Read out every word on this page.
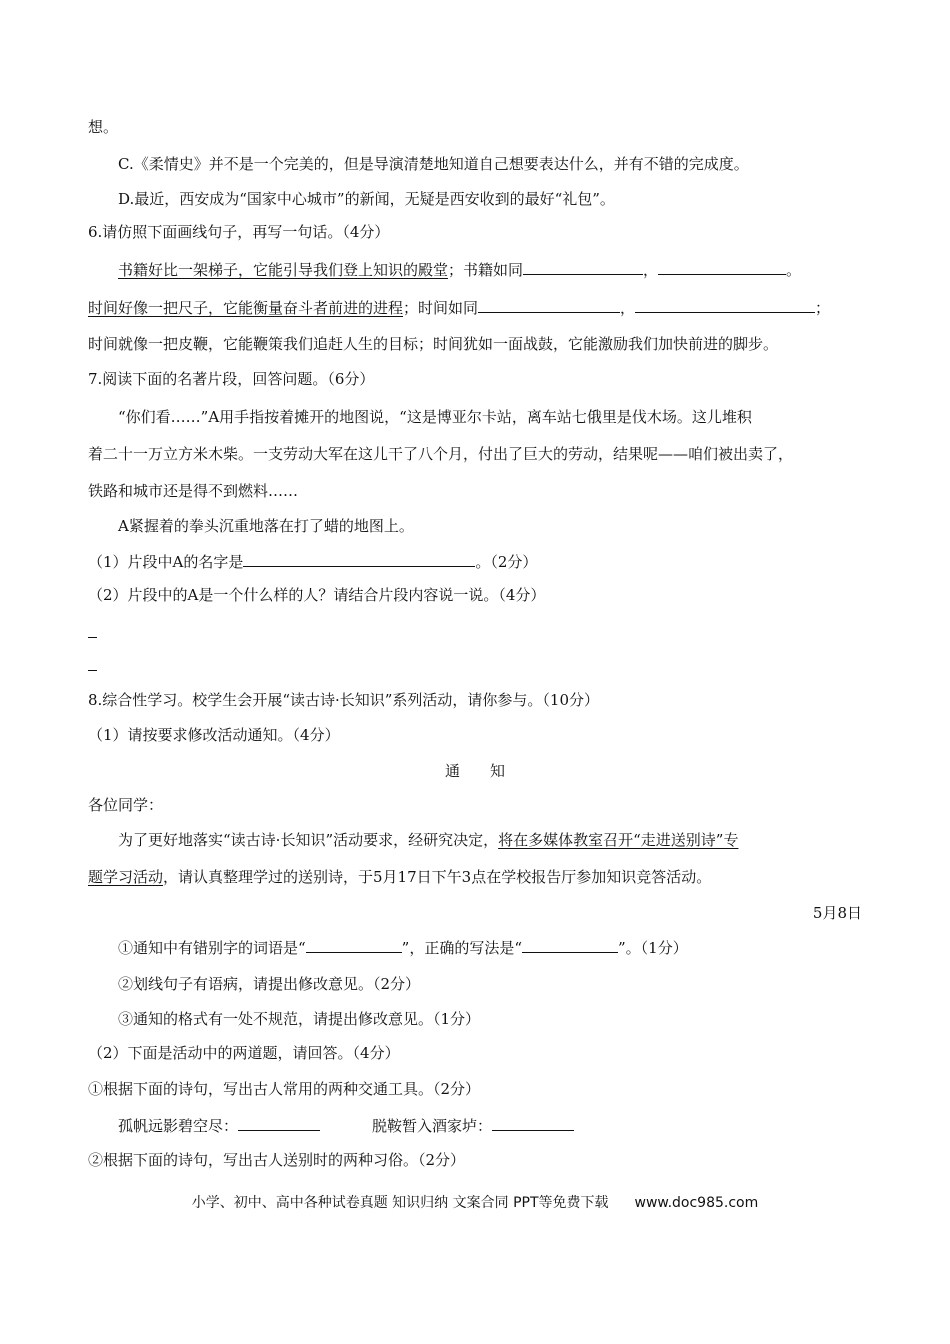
想。
C.《柔情史》并不是一个完美的，但是导演清楚地知道自己想要表达什么，并有不错的完成度。
D.最近，西安成为“国家中心城市”的新闻，无疑是西安收到的最好“礼包”。
6.请仿照下面画线句子，再写一句话。（4分）
书籍好比一架梯子，它能引导我们登上知识的殿堂；书籍如同	，	。
时间好像一把尺子，它能衡量奋斗者前进的进程；时间如同	，	；
时间就像一把皮鞭，它能鞭策我们追赶人生的目标；时间犹如一面战鼓，它能激励我们加快前进的脚步。
7.阅读下面的名著片段，回答问题。（6分）
“你们看……”A用手指按着摊开的地图说，“这是博亚尔卡站，离车站七俄里是伐木场。这儿堆积
着二十一万立方米木柴。一支劳动大军在这儿干了八个月，付出了巨大的劳动，结果呢——咱们被出卖了，
铁路和城市还是得不到燃料……
A紧握着的拳头沉重地落在打了蜡的地图上。
（1）片段中A的名字是	。（2分）
（2）片段中的A是一个什么样的人？请结合片段内容说一说。（4分）
8.综合性学习。校学生会开展“读古诗·长知识”系列活动，请你参与。（10分）
（1）请按要求修改活动通知。（4分）
通　　知
各位同学：
为了更好地落实“读古诗·长知识”活动要求，经研究决定，将在多媒体教室召开“走进送别诗”专
题学习活动，请认真整理学过的送别诗，于5月17日下午3点在学校报告厅参加知识竞答活动。
5月8日
①通知中有错别字的词语是“	”，正确的写法是“	”。（1分）
②划线句子有语病，请提出修改意见。（2分）
③通知的格式有一处不规范，请提出修改意见。（1分）
（2）下面是活动中的两道题，请回答。（4分）
①根据下面的诗句，写出古人常用的两种交通工具。（2分）
孤帆远影碧空尽：	脱鞍暂入酒家垆：
②根据下面的诗句，写出古人送别时的两种习俗。（2分）
小学、初中、高中各种试卷真题 知识归纳 文案合同 PPT等免费下载 www.doc985.com
